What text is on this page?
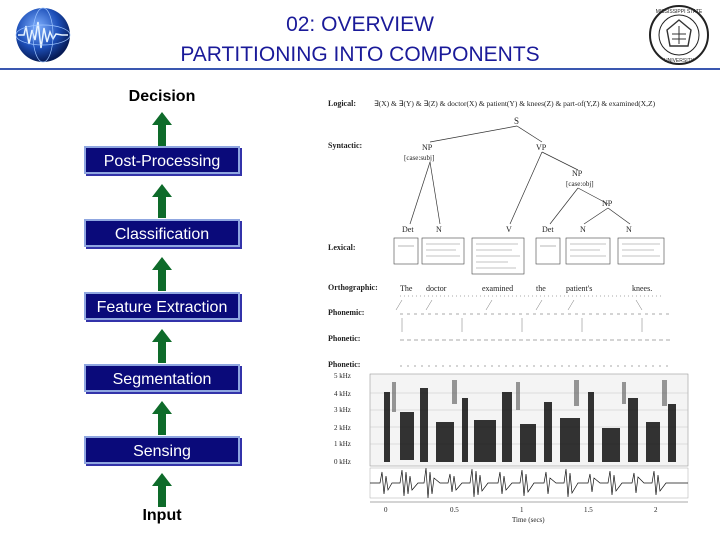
MISSISSIPPI STATE
UNIVERSITY
02: OVERVIEW
PARTITIONING INTO COMPONENTS
Decision
Post-Processing
Classification
Feature Extraction
Segmentation
Sensing
Input
Logical:
Syntactic:
Lexical:
Orthographic:
Phonemic:
Phonetic:
Phonetic:
∃(X) & ∃(Y) & ∃(Z) & doctor(X) & patient(Y) & knees(Z) & part-of(Y,Z) & examined(X,Z)
S
NP
[case:subj]
VP
NP
[case:obj]
NP
Det	N	V	Det	N	N
The doctor	examined	the	patient's	knees.
5 kHz
4 kHz
3 kHz
2 kHz
1 kHz
0 kHz
0	0.5	1	1.5	2
Time (secs)
